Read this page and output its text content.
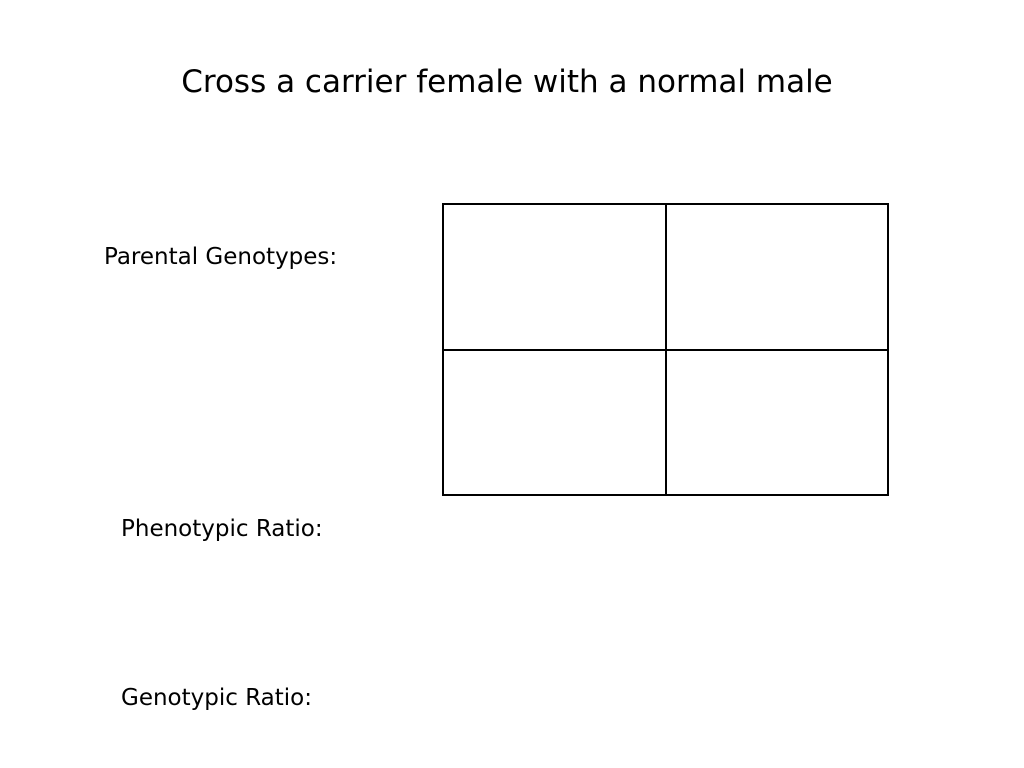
Cross a carrier female with a normal male
Parental Genotypes:
Phenotypic Ratio:
Genotypic Ratio:
